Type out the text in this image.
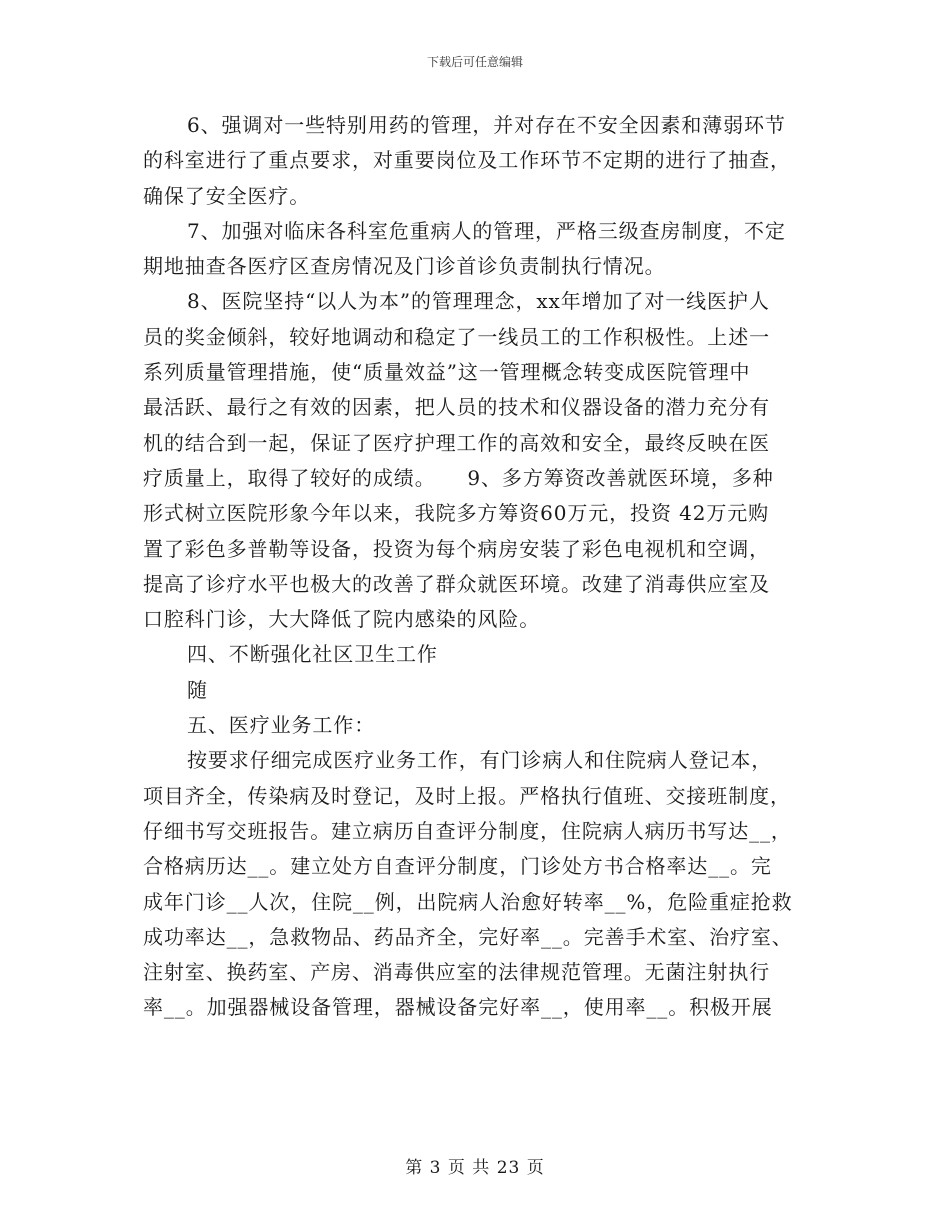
下载后可任意编辑
6、强调对一些特别用药的管理，并对存在不安全因素和薄弱环节
的科室进行了重点要求，对重要岗位及工作环节不定期的进行了抽查，
确保了安全医疗。
7、加强对临床各科室危重病人的管理，严格三级查房制度，不定
期地抽查各医疗区查房情况及门诊首诊负责制执行情况。
8、医院坚持“以人为本”的管理理念，xx年增加了对一线医护人
员的奖金倾斜，较好地调动和稳定了一线员工的工作积极性。上述一
系列质量管理措施，使“质量效益”这一管理概念转变成医院管理中
最活跃、最行之有效的因素，把人员的技术和仪器设备的潜力充分有
机的结合到一起，保证了医疗护理工作的高效和安全，最终反映在医
疗质量上，取得了较好的成绩。　　9、多方筹资改善就医环境，多种
形式树立医院形象今年以来，我院多方筹资60万元，投资 42万元购
置了彩色多普勒等设备，投资为每个病房安装了彩色电视机和空调，
提高了诊疗水平也极大的改善了群众就医环境。改建了消毒供应室及
口腔科门诊，大大降低了院内感染的风险。
四、不断强化社区卫生工作
随
五、医疗业务工作：
按要求仔细完成医疗业务工作，有门诊病人和住院病人登记本，
项目齐全，传染病及时登记，及时上报。严格执行值班、交接班制度，
仔细书写交班报告。建立病历自查评分制度，住院病人病历书写达__，
合格病历达__。建立处方自查评分制度，门诊处方书合格率达__。完
成年门诊__人次，住院__例，出院病人治愈好转率__%，危险重症抢救
成功率达__，急救物品、药品齐全，完好率__。完善手术室、治疗室、
注射室、换药室、产房、消毒供应室的法律规范管理。无菌注射执行
率__。加强器械设备管理，器械设备完好率__，使用率__。积极开展
第 3 页 共 23 页
